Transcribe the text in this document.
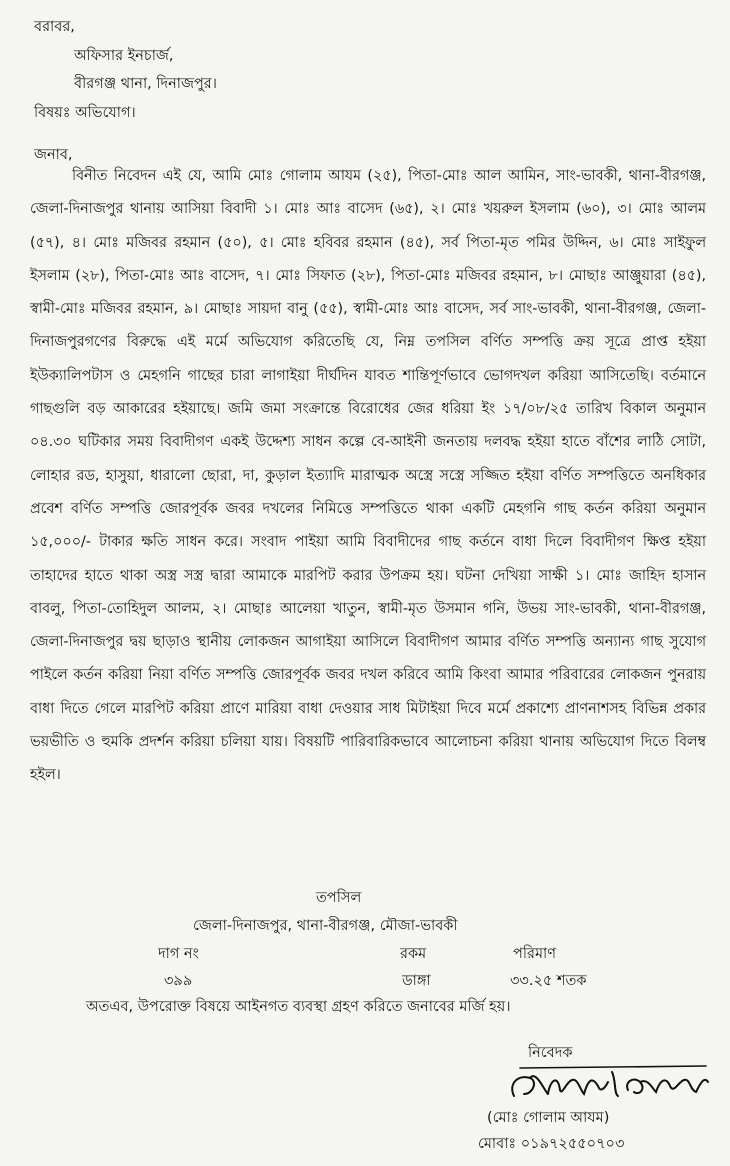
বরাবর,
অফিসার ইনচার্জ,
বীরগঞ্জ থানা, দিনাজপুর।
বিষয়ঃ অভিযোগ।
জনাব,
বিনীত নিবেদন এই যে, আমি মোঃ গোলাম আযম (২৫), পিতা-মোঃ আল আমিন, সাং-ভাবকী, থানা-বীরগঞ্জ, জেলা-দিনাজপুর থানায় আসিয়া বিবাদী ১। মোঃ আঃ বাসেদ (৬৫), ২। মোঃ খয়রুল ইসলাম (৬০), ৩। মোঃ আলম (৫৭), ৪। মোঃ মজিবর রহমান (৫০), ৫। মোঃ হবিবর রহমান (৪৫), সর্ব পিতা-মৃত পমির উদ্দিন, ৬। মোঃ সাইফুল ইসলাম (২৮), পিতা-মোঃ আঃ বাসেদ, ৭। মোঃ সিফাত (২৮), পিতা-মোঃ মজিবর রহমান, ৮। মোছাঃ আঞ্জুয়ারা (৪৫), স্বামী-মোঃ মজিবর রহমান, ৯। মোছাঃ সায়দা বানু (৫৫), স্বামী-মোঃ আঃ বাসেদ, সর্ব সাং-ভাবকী, থানা-বীরগঞ্জ, জেলা-দিনাজপুরগণের বিরুদ্ধে এই মর্মে অভিযোগ করিতেছি যে, নিম্ন তপসিল বর্ণিত সম্পত্তি ক্রয় সূত্রে প্রাপ্ত হইয়া ইউক্যালিপটাস ও মেহগনি গাছের চারা লাগাইয়া দীর্ঘদিন যাবত শান্তিপূর্ণভাবে ভোগদখল করিয়া আসিতেছি। বর্তমানে গাছগুলি বড় আকারের হইয়াছে। জমি জমা সংক্রান্তে বিরোধের জের ধরিয়া ইং ১৭/০৮/২৫ তারিখ বিকাল অনুমান ০৪.৩০ ঘটিকার সময় বিবাদীগণ একই উদ্দেশ্য সাধন কল্পে বে-আইনী জনতায় দলবদ্ধ হইয়া হাতে বাঁশের লাঠি সোটা, লোহার রড, হাসুয়া, ধারালো ছোরা, দা, কুড়াল ইত্যাদি মারাত্মক অস্ত্রে সস্ত্রে সজ্জিত হইয়া বর্ণিত সম্পত্তিতে অনধিকার প্রবেশ বর্ণিত সম্পত্তি জোরপূর্বক জবর দখলের নিমিত্তে সম্পত্তিতে থাকা একটি মেহগনি গাছ কর্তন করিয়া অনুমান ১৫,০০০/- টাকার ক্ষতি সাধন করে। সংবাদ পাইয়া আমি বিবাদীদের গাছ কর্তনে বাধা দিলে বিবাদীগণ ক্ষিপ্ত হইয়া তাহাদের হাতে থাকা অস্ত্র সস্ত্র দ্বারা আমাকে মারপিট করার উপক্রম হয়। ঘটনা দেখিয়া সাক্ষী ১। মোঃ জাহিদ হাসান বাবলু, পিতা-তোহিদুল আলম, ২। মোছাঃ আলেয়া খাতুন, স্বামী-মৃত উসমান গনি, উভয় সাং-ভাবকী, থানা-বীরগঞ্জ, জেলা-দিনাজপুর দ্বয় ছাড়াও স্থানীয় লোকজন আগাইয়া আসিলে বিবাদীগণ আমার বর্ণিত সম্পত্তি অন্যান্য গাছ সুযোগ পাইলে কর্তন করিয়া নিয়া বর্ণিত সম্পত্তি জোরপূর্বক জবর দখল করিবে আমি কিংবা আমার পরিবারের লোকজন পুনরায় বাধা দিতে গেলে মারপিট করিয়া প্রাণে মারিয়া বাধা দেওয়ার সাধ মিটাইয়া দিবে মর্মে প্রকাশ্যে প্রাণনাশসহ বিভিন্ন প্রকার ভয়ভীতি ও হুমকি প্রদর্শন করিয়া চলিয়া যায়। বিষয়টি পারিবারিকভাবে আলোচনা করিয়া থানায় অভিযোগ দিতে বিলম্ব হইল।
তপসিল
জেলা-দিনাজপুর, থানা-বীরগঞ্জ, মৌজা-ভাবকী
দাগ নং	রকম	পরিমাণ
৩৯৯	ডাঙ্গা	৩৩.২৫ শতক
অতএব, উপরোক্ত বিষয়ে আইনগত ব্যবস্থা গ্রহণ করিতে জনাবের মর্জি হয়।
নিবেদক
(মোঃ গোলাম আযম)
মোবাঃ ০১৯৭২৫৫০৭০৩
